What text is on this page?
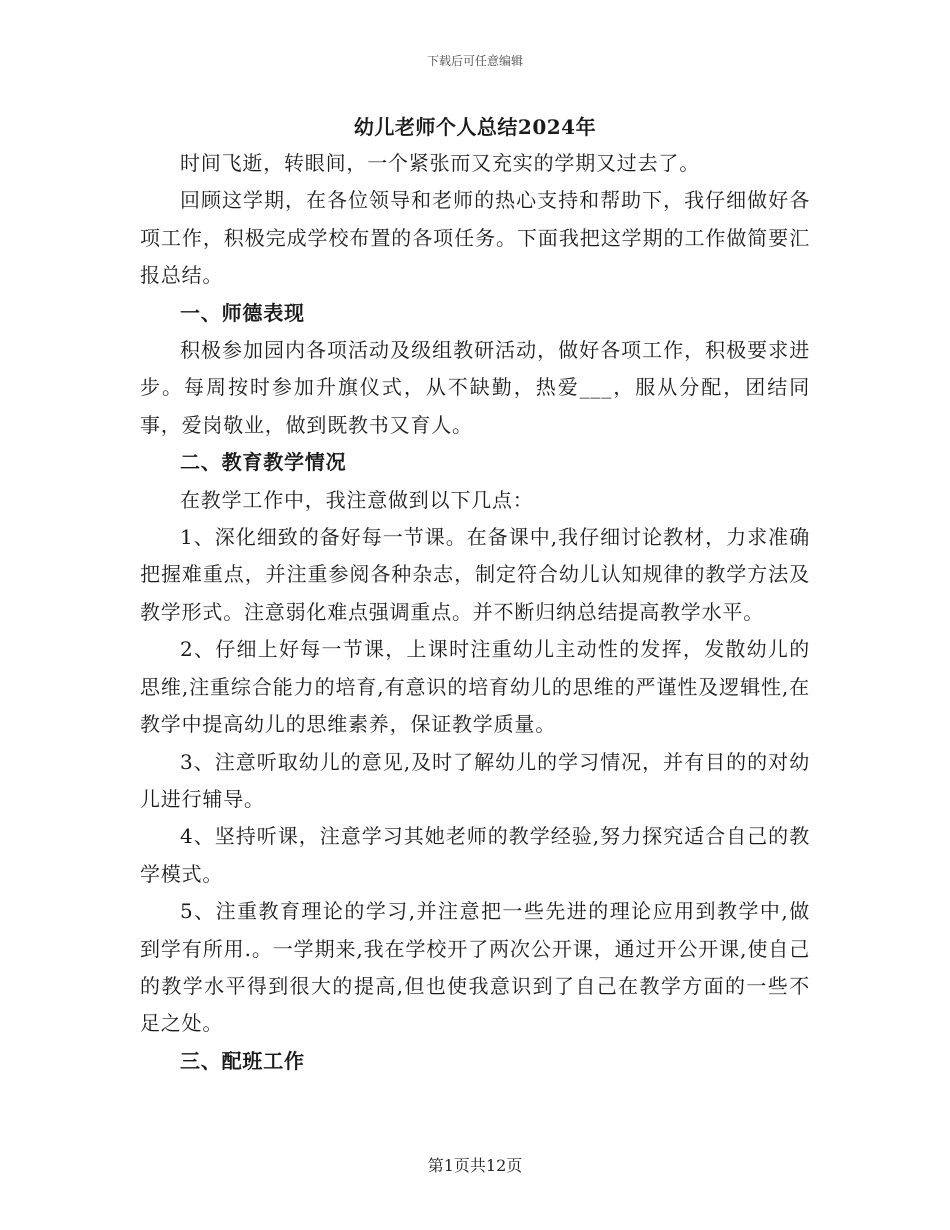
下载后可任意编辑
幼儿老师个人总结2024年

时间飞逝，转眼间，一个紧张而又充实的学期又过去了。

回顾这学期，在各位领导和老师的热心支持和帮助下，我仔细做好各项工作，积极完成学校布置的各项任务。下面我把这学期的工作做简要汇报总结。

一、师德表现

积极参加园内各项活动及级组教研活动，做好各项工作，积极要求进步。每周按时参加升旗仪式，从不缺勤，热爱___，服从分配，团结同事，爱岗敬业，做到既教书又育人。

二、教育教学情况

在教学工作中，我注意做到以下几点：

1、深化细致的备好每一节课。在备课中,我仔细讨论教材，力求准确把握难重点，并注重参阅各种杂志，制定符合幼儿认知规律的教学方法及教学形式。注意弱化难点强调重点。并不断归纳总结提高教学水平。

2、仔细上好每一节课，上课时注重幼儿主动性的发挥，发散幼儿的思维,注重综合能力的培育,有意识的培育幼儿的思维的严谨性及逻辑性,在教学中提高幼儿的思维素养，保证教学质量。

3、注意听取幼儿的意见,及时了解幼儿的学习情况，并有目的的对幼儿进行辅导。

4、坚持听课，注意学习其她老师的教学经验,努力探究适合自己的教学模式。

5、注重教育理论的学习,并注意把一些先进的理论应用到教学中,做到学有所用.。一学期来,我在学校开了两次公开课，通过开公开课,使自己的教学水平得到很大的提高,但也使我意识到了自己在教学方面的一些不足之处。

三、配班工作

第1页共12页
